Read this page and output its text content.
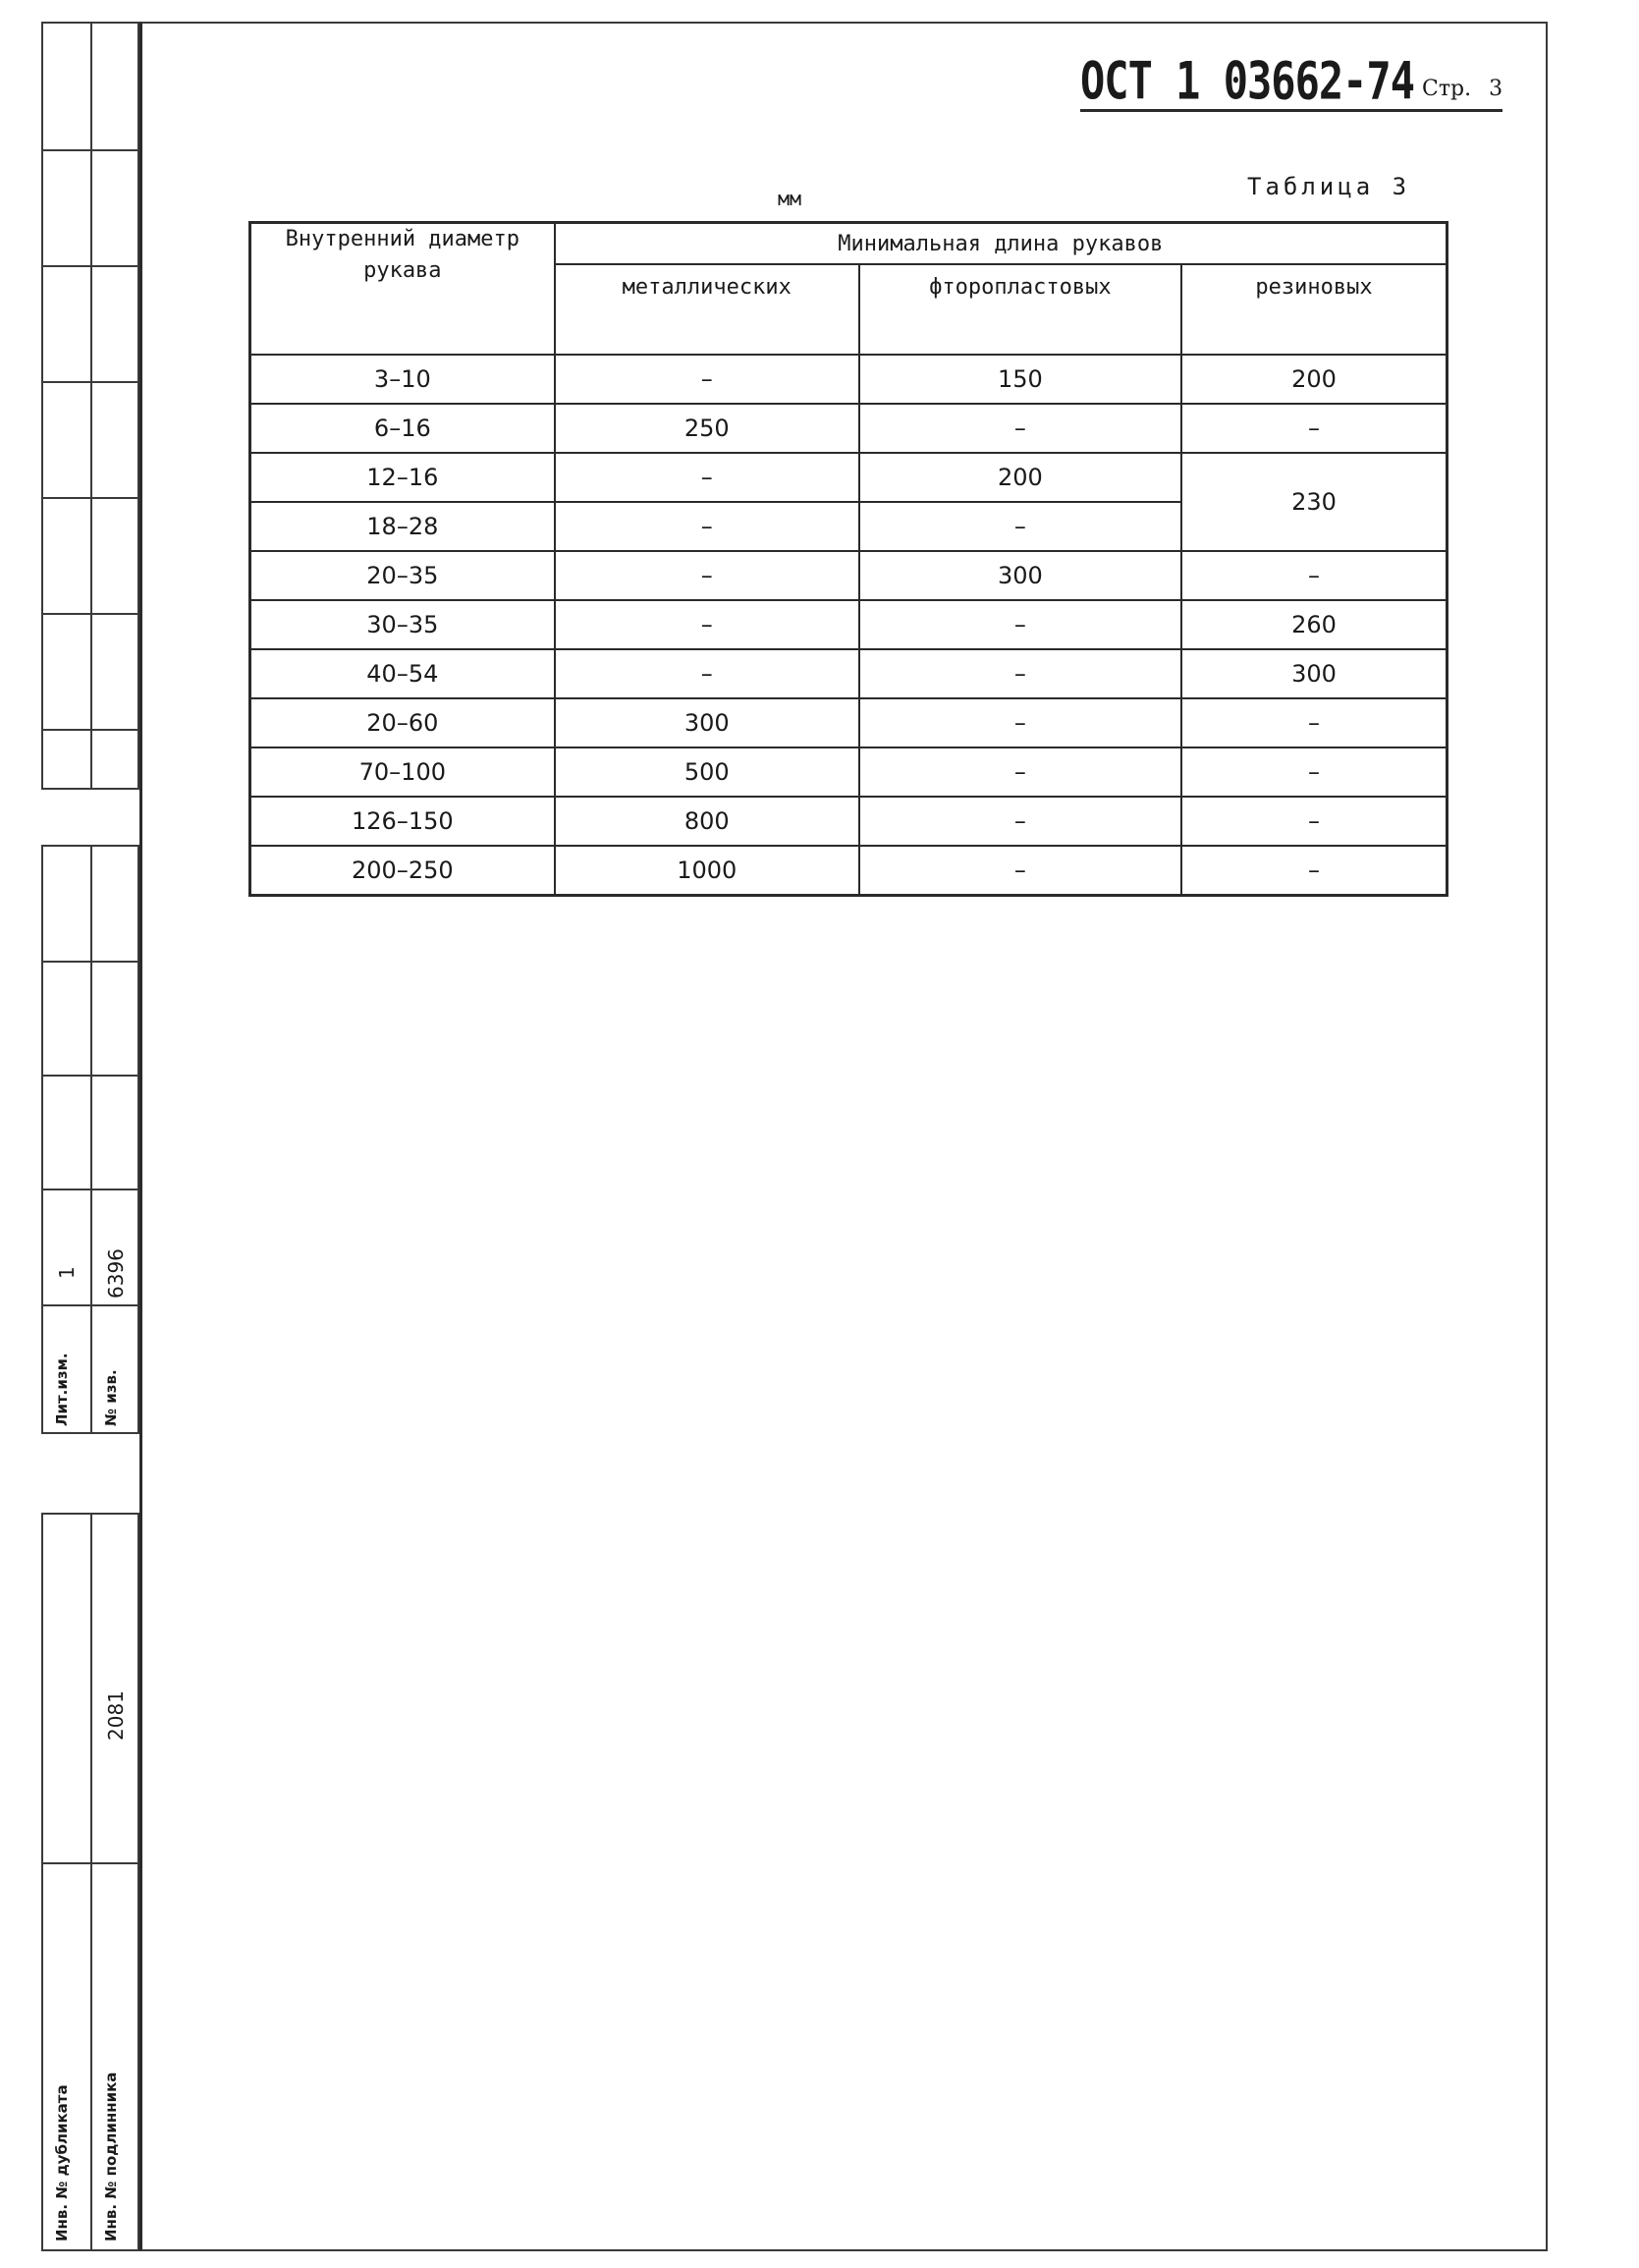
1 6396
Лит.изм. № изв.
2081
Инв. № дубликата Инв. № подлинника
ОСТ 1 03662-74 Стр. 3
мм	Таблица 3
Внутренний диаметр рукава	Минимальная длина рукавов		
	металлических	фторопластовых	резиновых
3–10	–	150	200
6–16	250	–	–
12–16	–	200	230
18–28	–	–	
20–35	–	300	–
30–35	–	–	260
40–54	–	–	300
20–60	300	–	–
70–100	500	–	–
126–150	800	–	–
200–250	1000	–	–
